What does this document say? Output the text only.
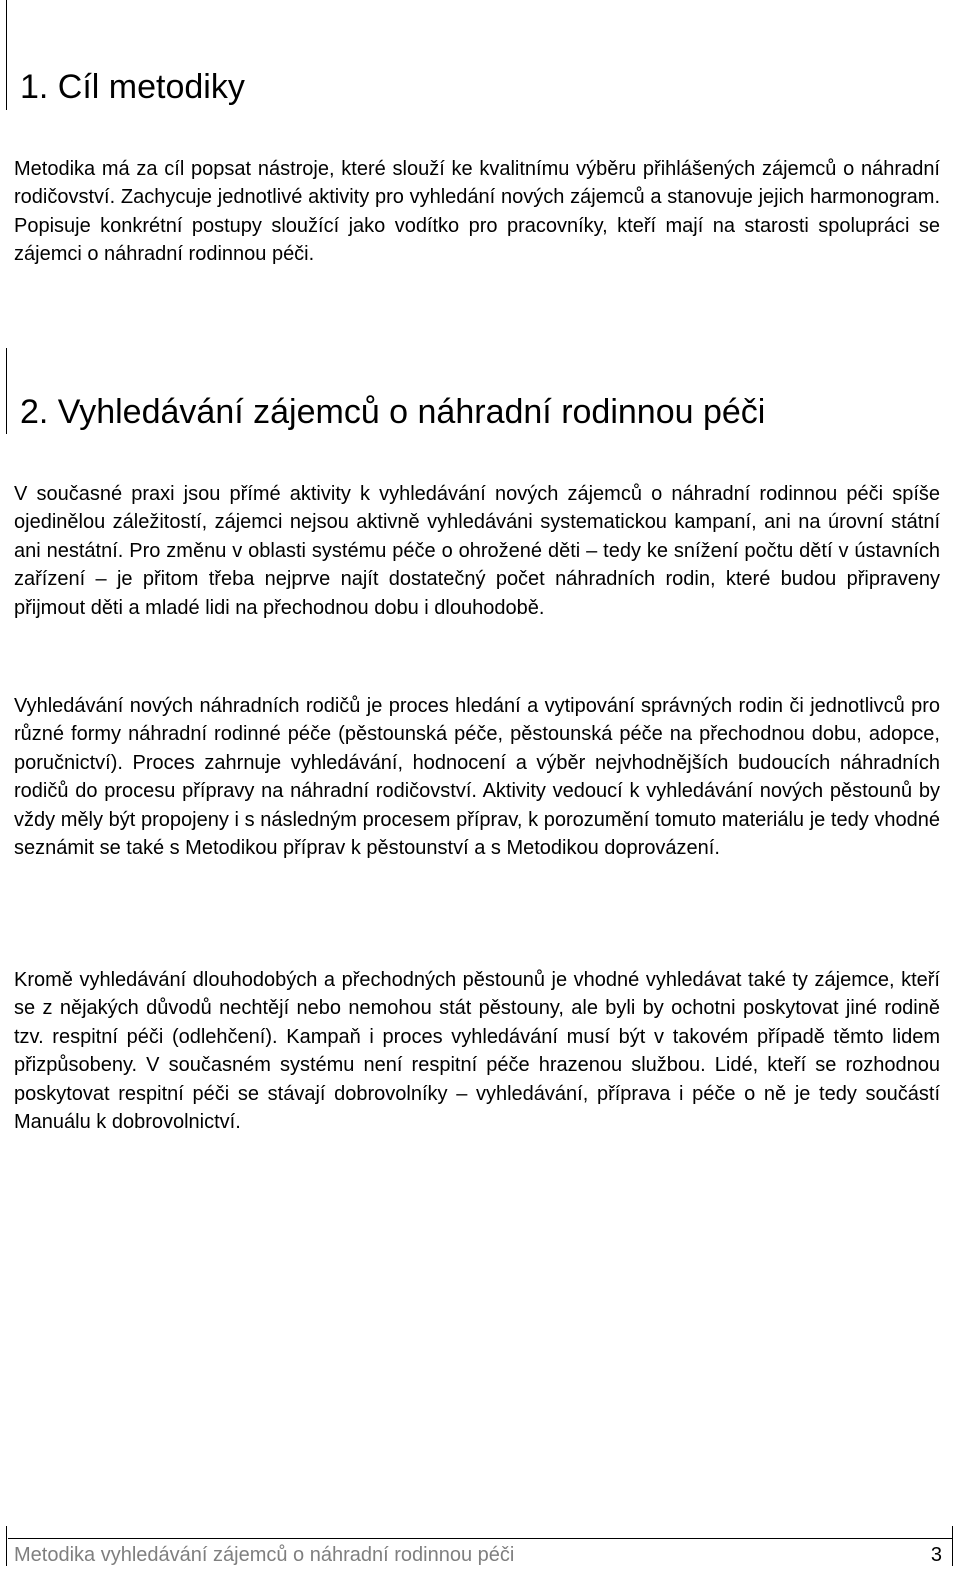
1. Cíl metodiky

Metodika má za cíl popsat nástroje, které slouží ke kvalitnímu výběru přihlášených zájemců o náhradní rodičovství. Zachycuje jednotlivé aktivity pro vyhledání nových zájemců a stanovuje jejich harmonogram. Popisuje konkrétní postupy sloužící jako vodítko pro pracovníky, kteří mají na starosti spolupráci se zájemci o náhradní rodinnou péči.

2. Vyhledávání zájemců o náhradní rodinnou péči

V současné praxi jsou přímé aktivity k vyhledávání nových zájemců o náhradní rodinnou péči spíše ojedinělou záležitostí, zájemci nejsou aktivně vyhledáváni systematickou kampaní, ani na úrovní státní ani nestátní. Pro změnu v oblasti systému péče o ohrožené děti – tedy ke snížení počtu dětí v ústavních zařízení – je přitom třeba nejprve najít dostatečný počet náhradních rodin, které budou připraveny přijmout děti a mladé lidi na přechodnou dobu i dlouhodobě.

Vyhledávání nových náhradních rodičů je proces hledání a vytipování správných rodin či jednotlivců pro různé formy náhradní rodinné péče (pěstounská péče, pěstounská péče na přechodnou dobu, adopce, poručnictví). Proces zahrnuje vyhledávání, hodnocení a výběr nejvhodnějších budoucích náhradních rodičů do procesu přípravy na náhradní rodičovství. Aktivity vedoucí k vyhledávání nových pěstounů by vždy měly být propojeny i s následným procesem příprav, k porozumění tomuto materiálu je tedy vhodné seznámit se také s Metodikou příprav k pěstounství a s Metodikou doprovázení.

Kromě vyhledávání dlouhodobých a přechodných pěstounů je vhodné vyhledávat také ty zájemce, kteří se z nějakých důvodů nechtějí nebo nemohou stát pěstouny, ale byli by ochotni poskytovat jiné rodině tzv. respitní péči (odlehčení). Kampaň i proces vyhledávání musí být v takovém případě těmto lidem přizpůsobeny. V současném systému není respitní péče hrazenou službou. Lidé, kteří se rozhodnou poskytovat respitní péči se stávají dobrovolníky – vyhledávání, příprava i péče o ně je tedy součástí Manuálu k dobrovolnictví.

Metodika vyhledávání zájemců o náhradní rodinnou péči	3
